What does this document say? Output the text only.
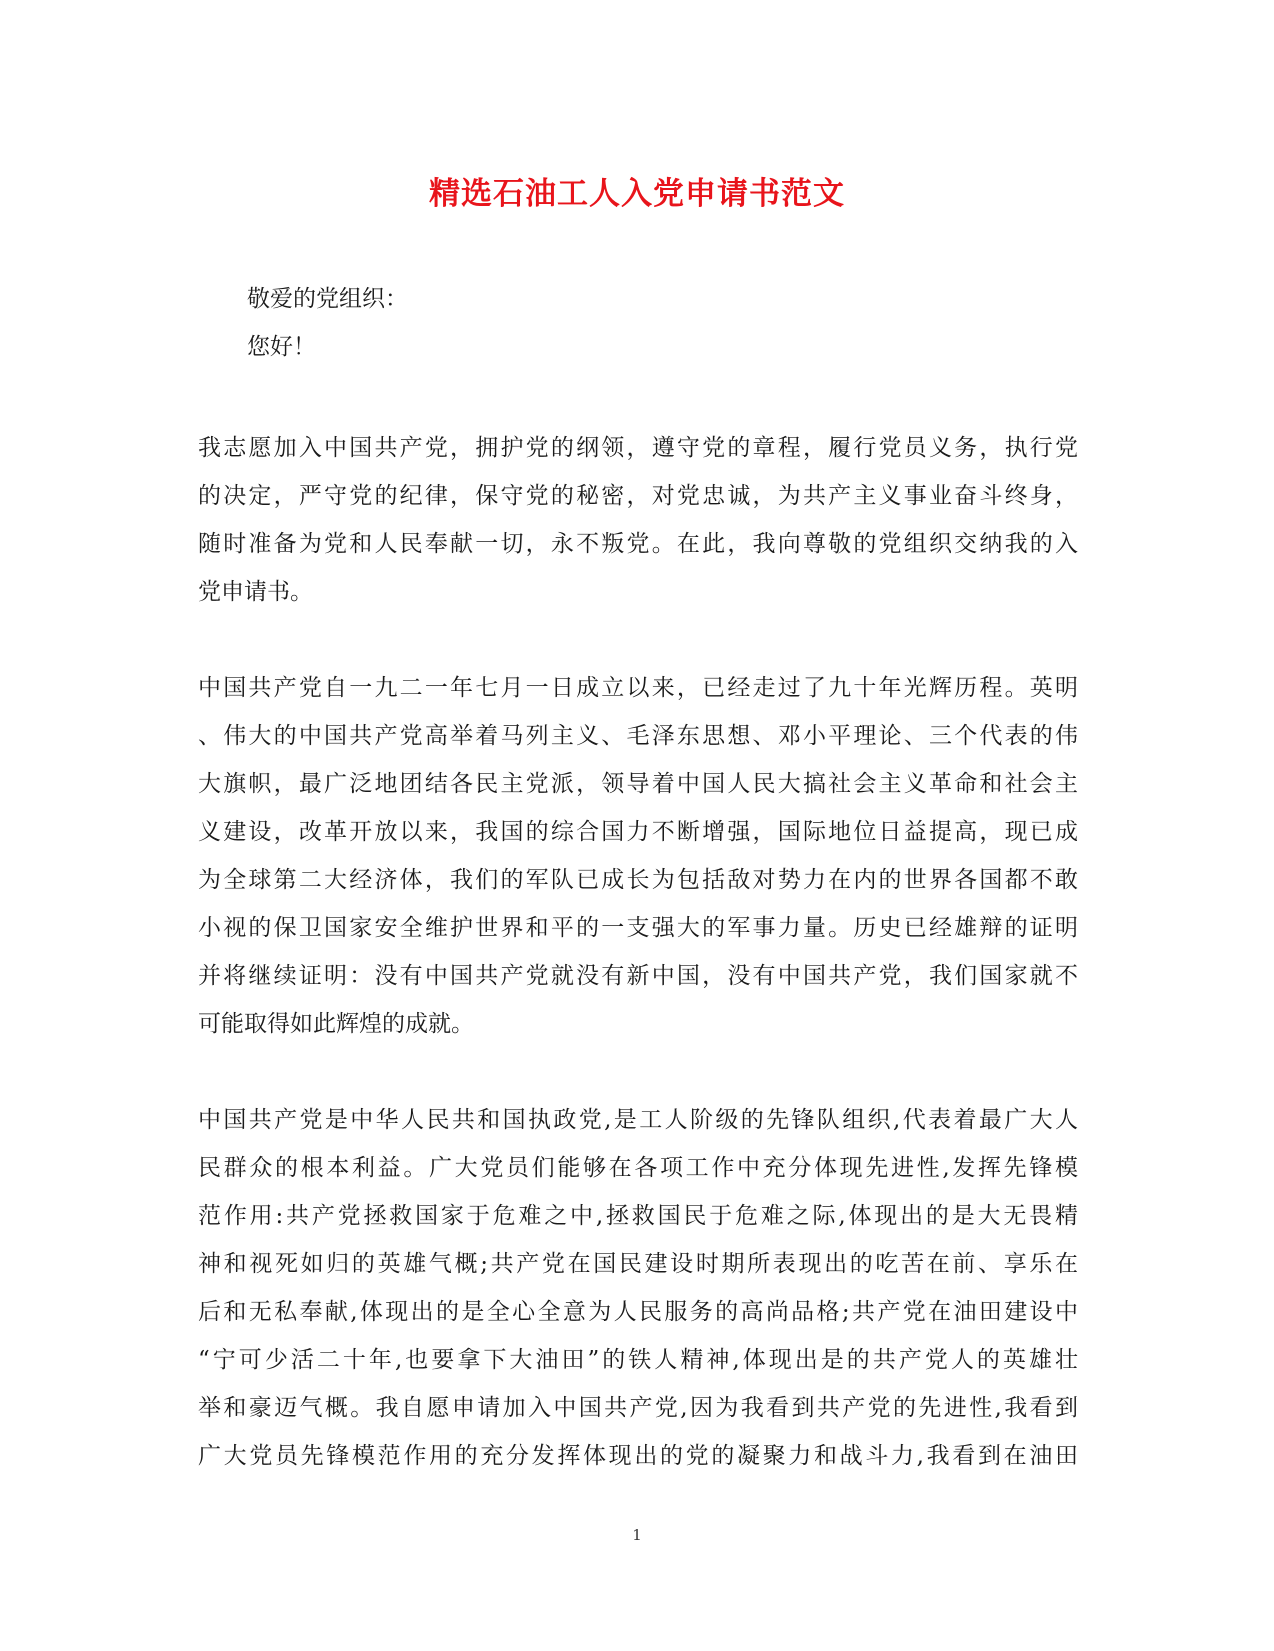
精选石油工人入党申请书范文
敬爱的党组织：
您好！
我志愿加入中国共产党，拥护党的纲领，遵守党的章程，履行党员义务，执行党
的决定，严守党的纪律，保守党的秘密，对党忠诚，为共产主义事业奋斗终身，
随时准备为党和人民奉献一切，永不叛党。在此，我向尊敬的党组织交纳我的入
党申请书。
中国共产党自一九二一年七月一日成立以来，已经走过了九十年光辉历程。英明
、伟大的中国共产党高举着马列主义、毛泽东思想、邓小平理论、三个代表的伟
大旗帜，最广泛地团结各民主党派，领导着中国人民大搞社会主义革命和社会主
义建设，改革开放以来，我国的综合国力不断增强，国际地位日益提高，现已成
为全球第二大经济体，我们的军队已成长为包括敌对势力在内的世界各国都不敢
小视的保卫国家安全维护世界和平的一支强大的军事力量。历史已经雄辩的证明
并将继续证明：没有中国共产党就没有新中国，没有中国共产党，我们国家就不
可能取得如此辉煌的成就。
中国共产党是中华人民共和国执政党,是工人阶级的先锋队组织,代表着最广大人
民群众的根本利益。广大党员们能够在各项工作中充分体现先进性,发挥先锋模
范作用:共产党拯救国家于危难之中,拯救国民于危难之际,体现出的是大无畏精
神和视死如归的英雄气概;共产党在国民建设时期所表现出的吃苦在前、享乐在
后和无私奉献,体现出的是全心全意为人民服务的高尚品格;共产党在油田建设中
“宁可少活二十年,也要拿下大油田”的铁人精神,体现出是的共产党人的英雄壮
举和豪迈气概。我自愿申请加入中国共产党,因为我看到共产党的先进性,我看到
广大党员先锋模范作用的充分发挥体现出的党的凝聚力和战斗力,我看到在油田
1
